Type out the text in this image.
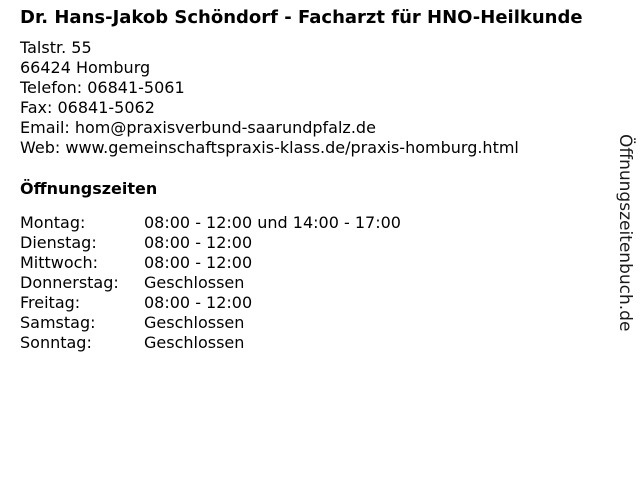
Dr. Hans-Jakob Schöndorf - Facharzt für HNO-Heilkunde
Talstr. 55
66424 Homburg
Telefon: 06841-5061
Fax: 06841-5062
Email: hom@praxisverbund-saarundpfalz.de
Web: www.gemeinschaftspraxis-klass.de/praxis-homburg.html
Öffnungszeiten
Montag:	08:00 - 12:00 und 14:00 - 17:00
Dienstag:	08:00 - 12:00
Mittwoch:	08:00 - 12:00
Donnerstag:	Geschlossen
Freitag:	08:00 - 12:00
Samstag:	Geschlossen
Sonntag:	Geschlossen
Öffnungszeitenbuch.de
